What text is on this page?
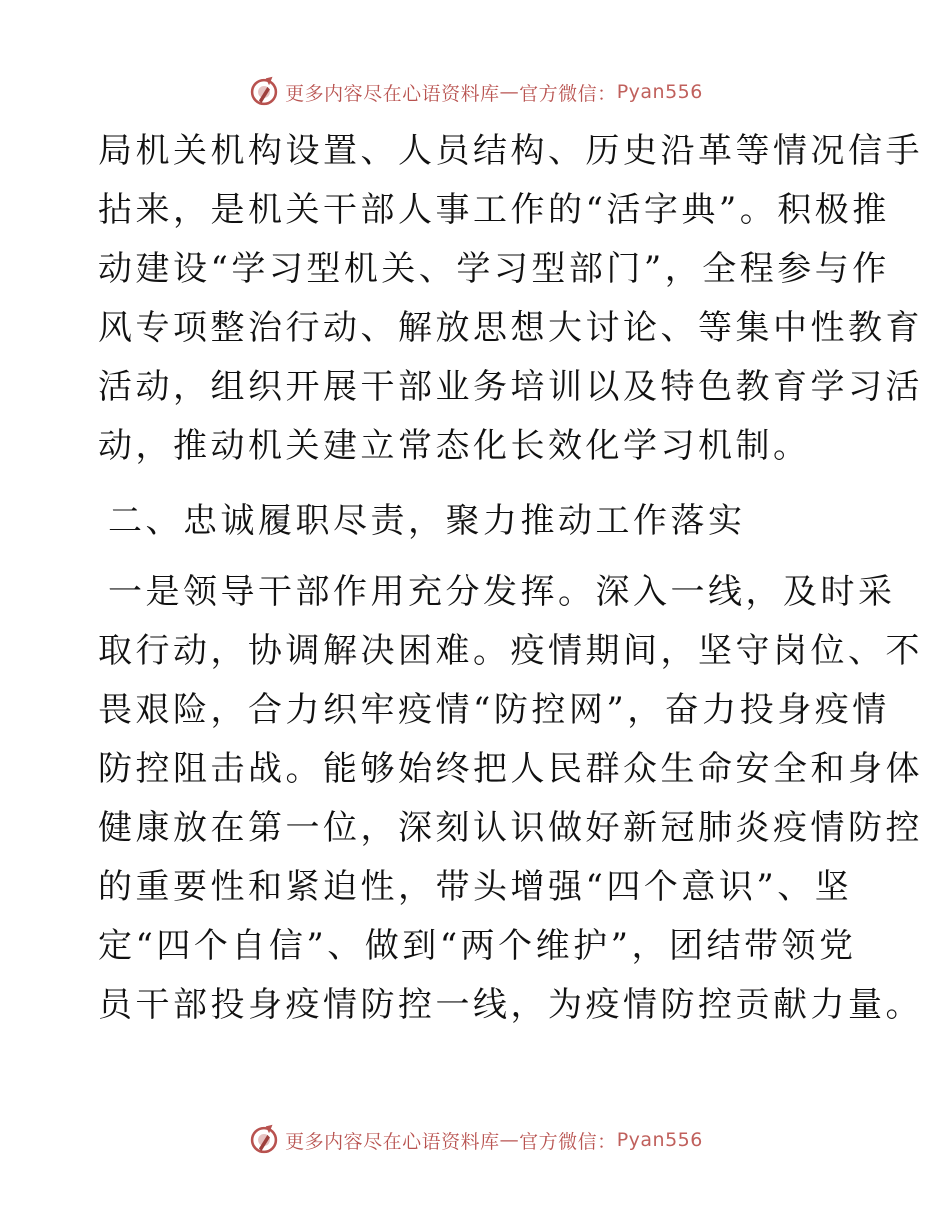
更多内容尽在心语资料库 — 官方微信： Pyan556
局机关机构设置、人员结构、历史沿革等情况信手
拈来，是机关干部人事工作的“活字典”。积极推
动建设“学习型机关、学习型部门”，全程参与作
风专项整治行动、解放思想大讨论、等集中性教育
活动，组织开展干部业务培训以及特色教育学习活
动，推动机关建立常态化长效化学习机制。
二、忠诚履职尽责，聚力推动工作落实
一是领导干部作用充分发挥。深入一线，及时采
取行动，协调解决困难。疫情期间，坚守岗位、不
畏艰险，合力织牢疫情“防控网”，奋力投身疫情
防控阻击战。能够始终把人民群众生命安全和身体
健康放在第一位，深刻认识做好新冠肺炎疫情防控
的重要性和紧迫性，带头增强“四个意识”、坚
定“四个自信”、做到“两个维护”，团结带领党
员干部投身疫情防控一线，为疫情防控贡献力量。
更多内容尽在心语资料库 — 官方微信： Pyan556
